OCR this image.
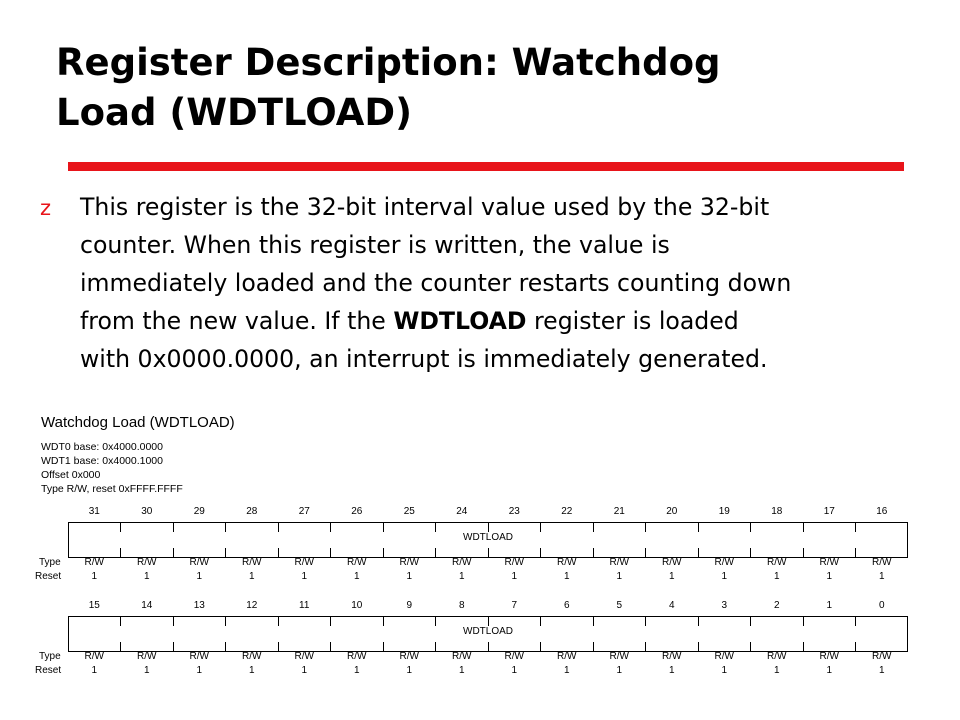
Register Description: Watchdog
Load (WDTLOAD)
z This register is the 32-bit interval value used by the 32-bit
counter. When this register is written, the value is
immediately loaded and the counter restarts counting down
from the new value. If the WDTLOAD register is loaded
with 0x0000.0000, an interrupt is immediately generated.
Watchdog Load (WDTLOAD)
WDT0 base: 0x4000.0000
WDT1 base: 0x4000.1000
Offset 0x000
Type R/W, reset 0xFFFF.FFFF
31
R/W
1
30
R/W
1
29
R/W
1
28
R/W
1
27
R/W
1
26
R/W
1
25
R/W
1
24
R/W
1
23
R/W
1
22
R/W
1
21
R/W
1
20
R/W
1
19
R/W
1
18
R/W
1
17
R/W
1
16
R/W
1
Type
Reset
WDTLOAD
15
R/W
1
14
R/W
1
13
R/W
1
12
R/W
1
11
R/W
1
10
R/W
1
9
R/W
1
8
R/W
1
7
R/W
1
6
R/W
1
5
R/W
1
4
R/W
1
3
R/W
1
2
R/W
1
1
R/W
1
0
R/W
1
Type
Reset
WDTLOAD
